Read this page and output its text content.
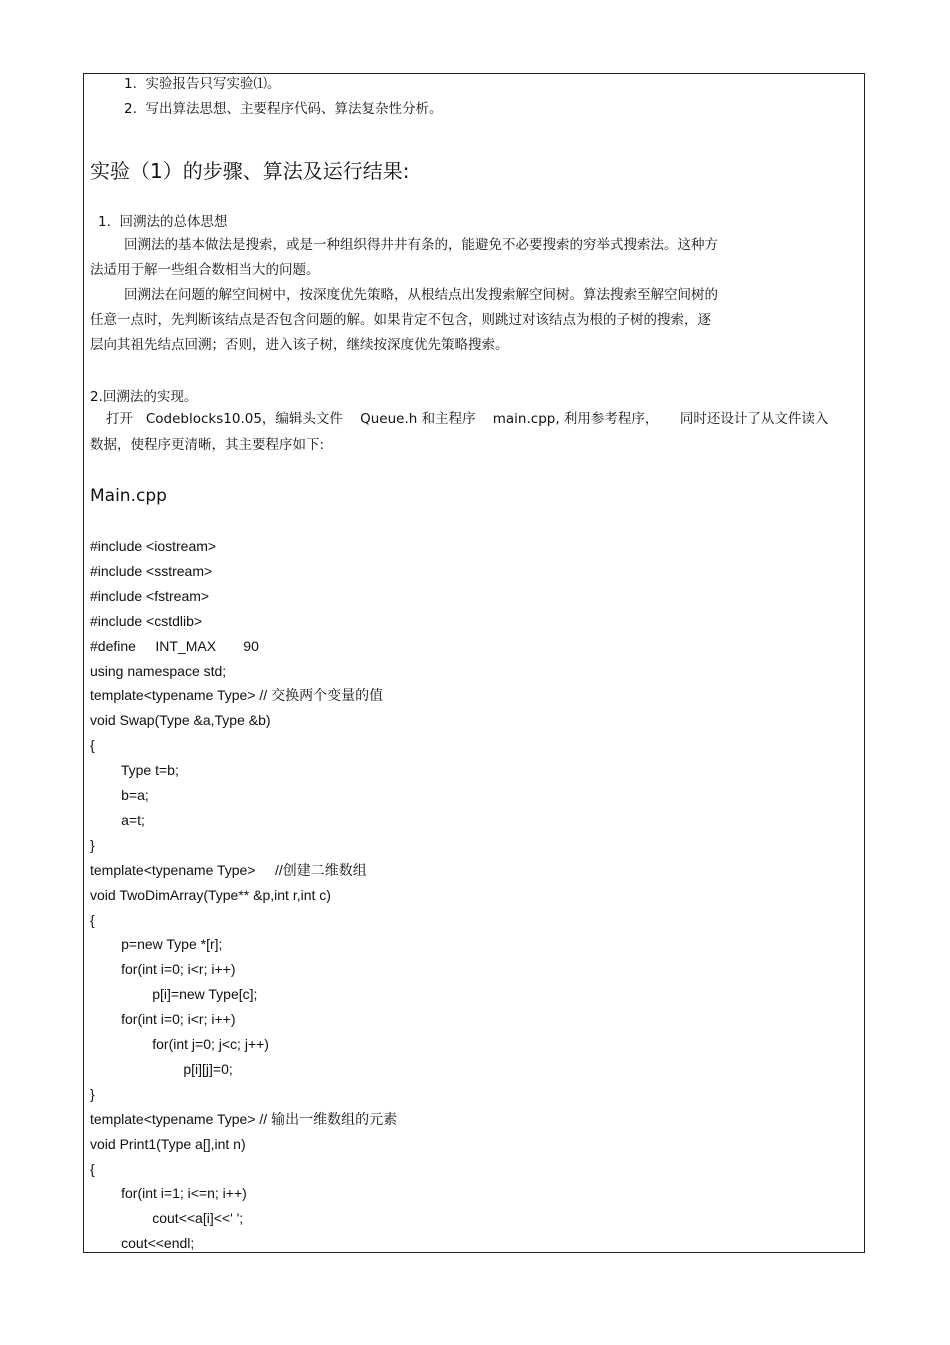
1.  实验报告只写实验⑴。
2.  写出算法思想、主要程序代码、算法复杂性分析。
实验（1）的步骤、算法及运行结果:
1.  回溯法的总体思想
回溯法的基本做法是搜索，或是一种组织得井井有条的，能避免不必要搜索的穷举式搜索法。这种方
法适用于解一些组合数相当大的问题。
回溯法在问题的解空间树中，按深度优先策略，从根结点出发搜索解空间树。算法搜索至解空间树的
任意一点时，先判断该结点是否包含问题的解。如果肯定不包含，则跳过对该结点为根的子树的搜索，逐
层向其祖先结点回溯；否则，进入该子树，继续按深度优先策略搜索。
2.回溯法的实现。
打开   Codeblocks10.05，编辑头文件    Queue.h 和主程序    main.cpp, 利用参考程序，     同时还设计了从文件读入
数据，使程序更清晰，其主要程序如下:
Main.cpp
#include <iostream>
#include <sstream>
#include <fstream>
#include <cstdlib>
#define     INT_MAX       90
using namespace std;
template<typename Type> // 交换两个变量的值
void Swap(Type &a,Type &b)
{
Type t=b;
b=a;
a=t;
}
template<typename Type>     //创建二维数组
void TwoDimArray(Type** &p,int r,int c)
{
p=new Type *[r];
for(int i=0; i<r; i++)
p[i]=new Type[c];
for(int i=0; i<r; i++)
for(int j=0; j<c; j++)
p[i][j]=0;
}
template<typename Type> // 输出一维数组的元素
void Print1(Type a[],int n)
{
for(int i=1; i<=n; i++)
cout<<a[i]<<' ';
cout<<endl;
